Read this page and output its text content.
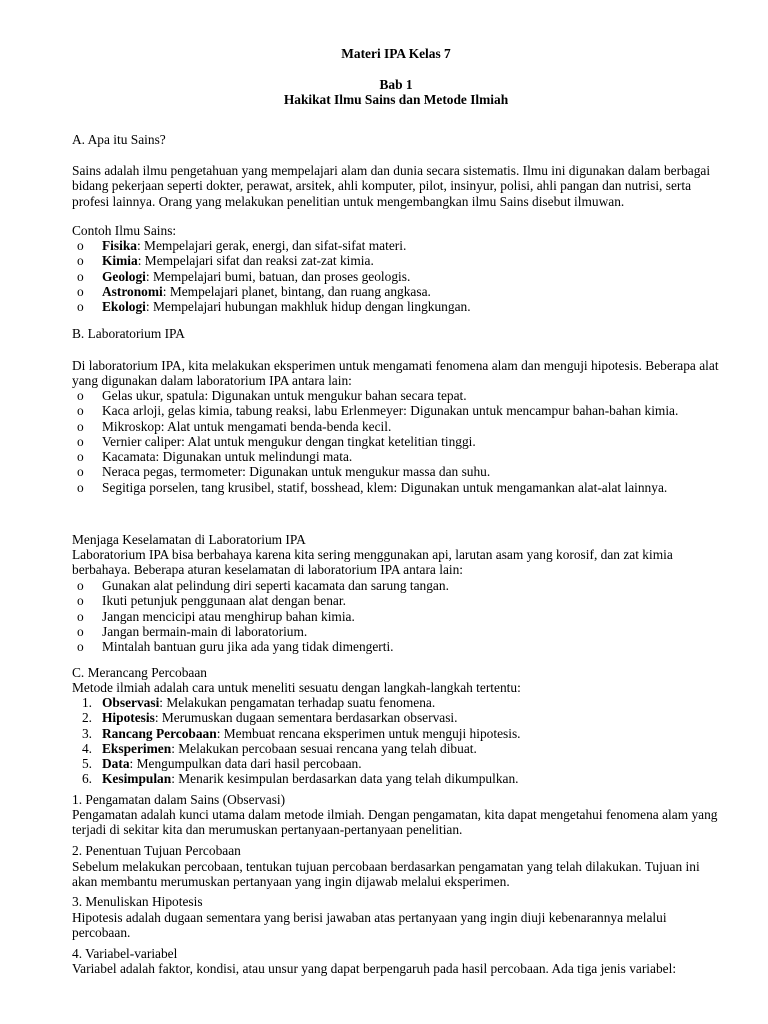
Materi IPA Kelas 7
Bab 1
Hakikat Ilmu Sains dan Metode Ilmiah
A. Apa itu Sains?

Sains adalah ilmu pengetahuan yang mempelajari alam dan dunia secara sistematis. Ilmu ini digunakan dalam berbagai bidang pekerjaan seperti dokter, perawat, arsitek, ahli komputer, pilot, insinyur, polisi, ahli pangan dan nutrisi, serta profesi lainnya. Orang yang melakukan penelitian untuk mengembangkan ilmu Sains disebut ilmuwan.

Contoh Ilmu Sains:
o Fisika: Mempelajari gerak, energi, dan sifat-sifat materi.
o Kimia: Mempelajari sifat dan reaksi zat-zat kimia.
o Geologi: Mempelajari bumi, batuan, dan proses geologis.
o Astronomi: Mempelajari planet, bintang, dan ruang angkasa.
o Ekologi: Mempelajari hubungan makhluk hidup dengan lingkungan.
B. Laboratorium IPA

Di laboratorium IPA, kita melakukan eksperimen untuk mengamati fenomena alam dan menguji hipotesis. Beberapa alat yang digunakan dalam laboratorium IPA antara lain:

o Gelas ukur, spatula: Digunakan untuk mengukur bahan secara tepat.
o Kaca arloji, gelas kimia, tabung reaksi, labu Erlenmeyer: Digunakan untuk mencampur bahan-bahan kimia.
o Mikroskop: Alat untuk mengamati benda-benda kecil.
o Vernier caliper: Alat untuk mengukur dengan tingkat ketelitian tinggi.
o Kacamata: Digunakan untuk melindungi mata.
o Neraca pegas, termometer: Digunakan untuk mengukur massa dan suhu.
o Segitiga porselen, tang krusibel, statif, bosshead, klem: Digunakan untuk mengamankan alat-alat lainnya.
Menjaga Keselamatan di Laboratorium IPA

Laboratorium IPA bisa berbahaya karena kita sering menggunakan api, larutan asam yang korosif, dan zat kimia berbahaya. Beberapa aturan keselamatan di laboratorium IPA antara lain:

o Gunakan alat pelindung diri seperti kacamata dan sarung tangan.
o Ikuti petunjuk penggunaan alat dengan benar.
o Jangan mencicipi atau menghirup bahan kimia.
o Jangan bermain-main di laboratorium.
o Mintalah bantuan guru jika ada yang tidak dimengerti.
C. Merancang Percobaan

Metode ilmiah adalah cara untuk meneliti sesuatu dengan langkah-langkah tertentu:

1. Observasi: Melakukan pengamatan terhadap suatu fenomena.
2. Hipotesis: Merumuskan dugaan sementara berdasarkan observasi.
3. Rancang Percobaan: Membuat rencana eksperimen untuk menguji hipotesis.
4. Eksperimen: Melakukan percobaan sesuai rencana yang telah dibuat.
5. Data: Mengumpulkan data dari hasil percobaan.
6. Kesimpulan: Menarik kesimpulan berdasarkan data yang telah dikumpulkan.
1. Pengamatan dalam Sains (Observasi)

Pengamatan adalah kunci utama dalam metode ilmiah. Dengan pengamatan, kita dapat mengetahui fenomena alam yang terjadi di sekitar kita dan merumuskan pertanyaan-pertanyaan penelitian.

2. Penentuan Tujuan Percobaan

Sebelum melakukan percobaan, tentukan tujuan percobaan berdasarkan pengamatan yang telah dilakukan. Tujuan ini akan membantu merumuskan pertanyaan yang ingin dijawab melalui eksperimen.

3. Menuliskan Hipotesis

Hipotesis adalah dugaan sementara yang berisi jawaban atas pertanyaan yang ingin diuji kebenarannya melalui percobaan.

4. Variabel-variabel

Variabel adalah faktor, kondisi, atau unsur yang dapat berpengaruh pada hasil percobaan. Ada tiga jenis variabel:
